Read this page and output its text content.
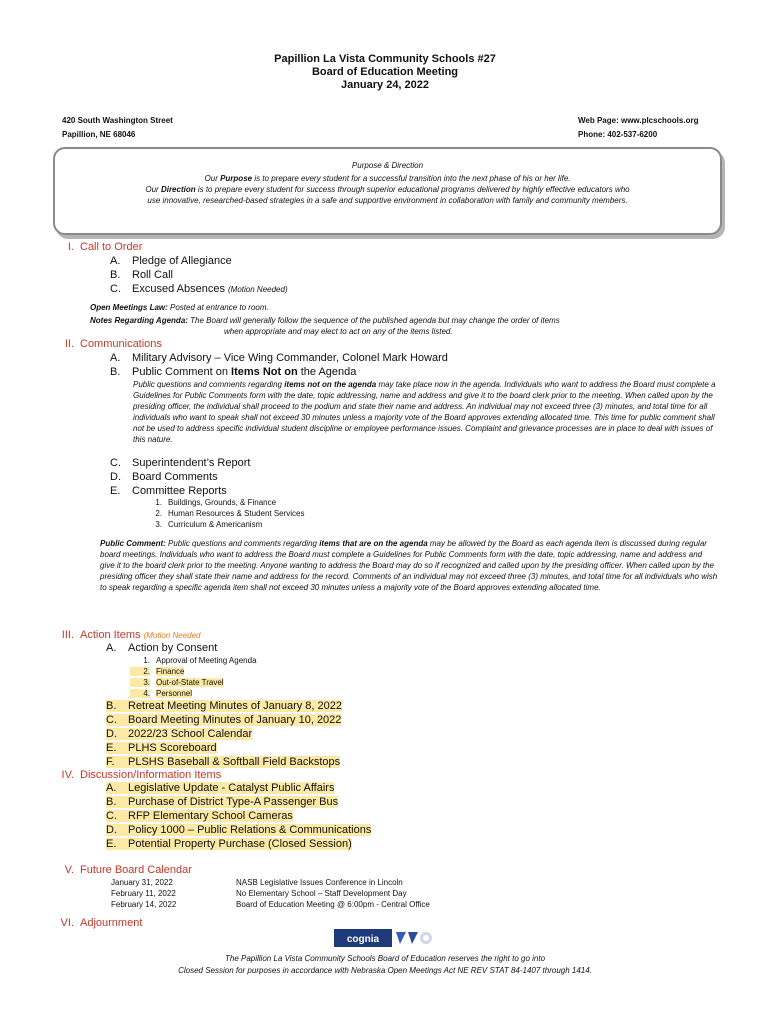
Papillion La Vista Community Schools #27
Board of Education Meeting
January 24, 2022
420 South Washington Street
Papillion, NE 68046
Web Page: www.plcschools.org
Phone: 402-537-6200
Purpose & Direction
Our Purpose is to prepare every student for a successful transition into the next phase of his or her life.
Our Direction is to prepare every student for success through superior educational programs delivered by highly effective educators who
use innovative, researched-based strategies in a safe and supportive environment in collaboration with family and community members.
I. Call to Order
A. Pledge of Allegiance
B. Roll Call
C. Excused Absences (Motion Needed)
Open Meetings Law: Posted at entrance to room.
Notes Regarding Agenda: The Board will generally follow the sequence of the published agenda but may change the order of items
when appropriate and may elect to act on any of the items listed.
II. Communications
A. Military Advisory – Vice Wing Commander, Colonel Mark Howard
B. Public Comment on Items Not on the Agenda
Public questions and comments regarding items not on the agenda may take place now in the agenda. Individuals who want to address the Board must complete a Guidelines for Public Comments form with the date, topic addressing, name and address and give it to the board clerk prior to the meeting. When called upon by the presiding officer, the individual shall proceed to the podium and state their name and address. An individual may not exceed three (3) minutes, and total time for all individuals who want to speak shall not exceed 30 minutes unless a majority vote of the Board approves extending allocated time. This time for public comment shall not be used to address specific individual student discipline or employee performance issues. Complaint and grievance processes are in place to deal with issues of this nature.
C. Superintendent’s Report
D. Board Comments
E. Committee Reports
1. Buildings, Grounds, & Finance
2. Human Resources & Student Services
3. Curriculum & Americanism
Public Comment: Public questions and comments regarding items that are on the agenda may be allowed by the Board as each agenda item is discussed during regular board meetings. Individuals who want to address the Board must complete a Guidelines for Public Comments form with the date, topic addressing, name and address and give it to the board clerk prior to the meeting. Anyone wanting to address the Board may do so if recognized and called upon by the presiding officer. When called upon by the presiding officer they shall state their name and address for the record. Comments of an individual may not exceed three (3) minutes, and total time for all individuals who wish to speak regarding a specific agenda item shall not exceed 30 minutes unless a majority vote of the Board approves extending allocated time.
III. Action Items (Motion Needed
A. Action by Consent
1. Approval of Meeting Agenda
2. Finance
3. Out-of-State Travel
4. Personnel
B. Retreat Meeting Minutes of January 8, 2022
C. Board Meeting Minutes of January 10, 2022
D. 2022/23 School Calendar
E. PLHS Scoreboard
F. PLSHS Baseball & Softball Field Backstops
IV. Discussion/Information Items
A. Legislative Update - Catalyst Public Affairs
B. Purchase of District Type-A Passenger Bus
C. RFP Elementary School Cameras
D. Policy 1000 – Public Relations & Communications
E. Potential Property Purchase (Closed Session)
V. Future Board Calendar
January 31, 2022	NASB Legislative Issues Conference in Lincoln
February 11, 2022	No Elementary School – Staff Development Day
February 14, 2022	Board of Education Meeting @ 6:00pm - Central Office
VI. Adjournment
cognia
The Papillion La Vista Community Schools Board of Education reserves the right to go into
Closed Session for purposes in accordance with Nebraska Open Meetings Act NE REV STAT 84-1407 through 1414.
